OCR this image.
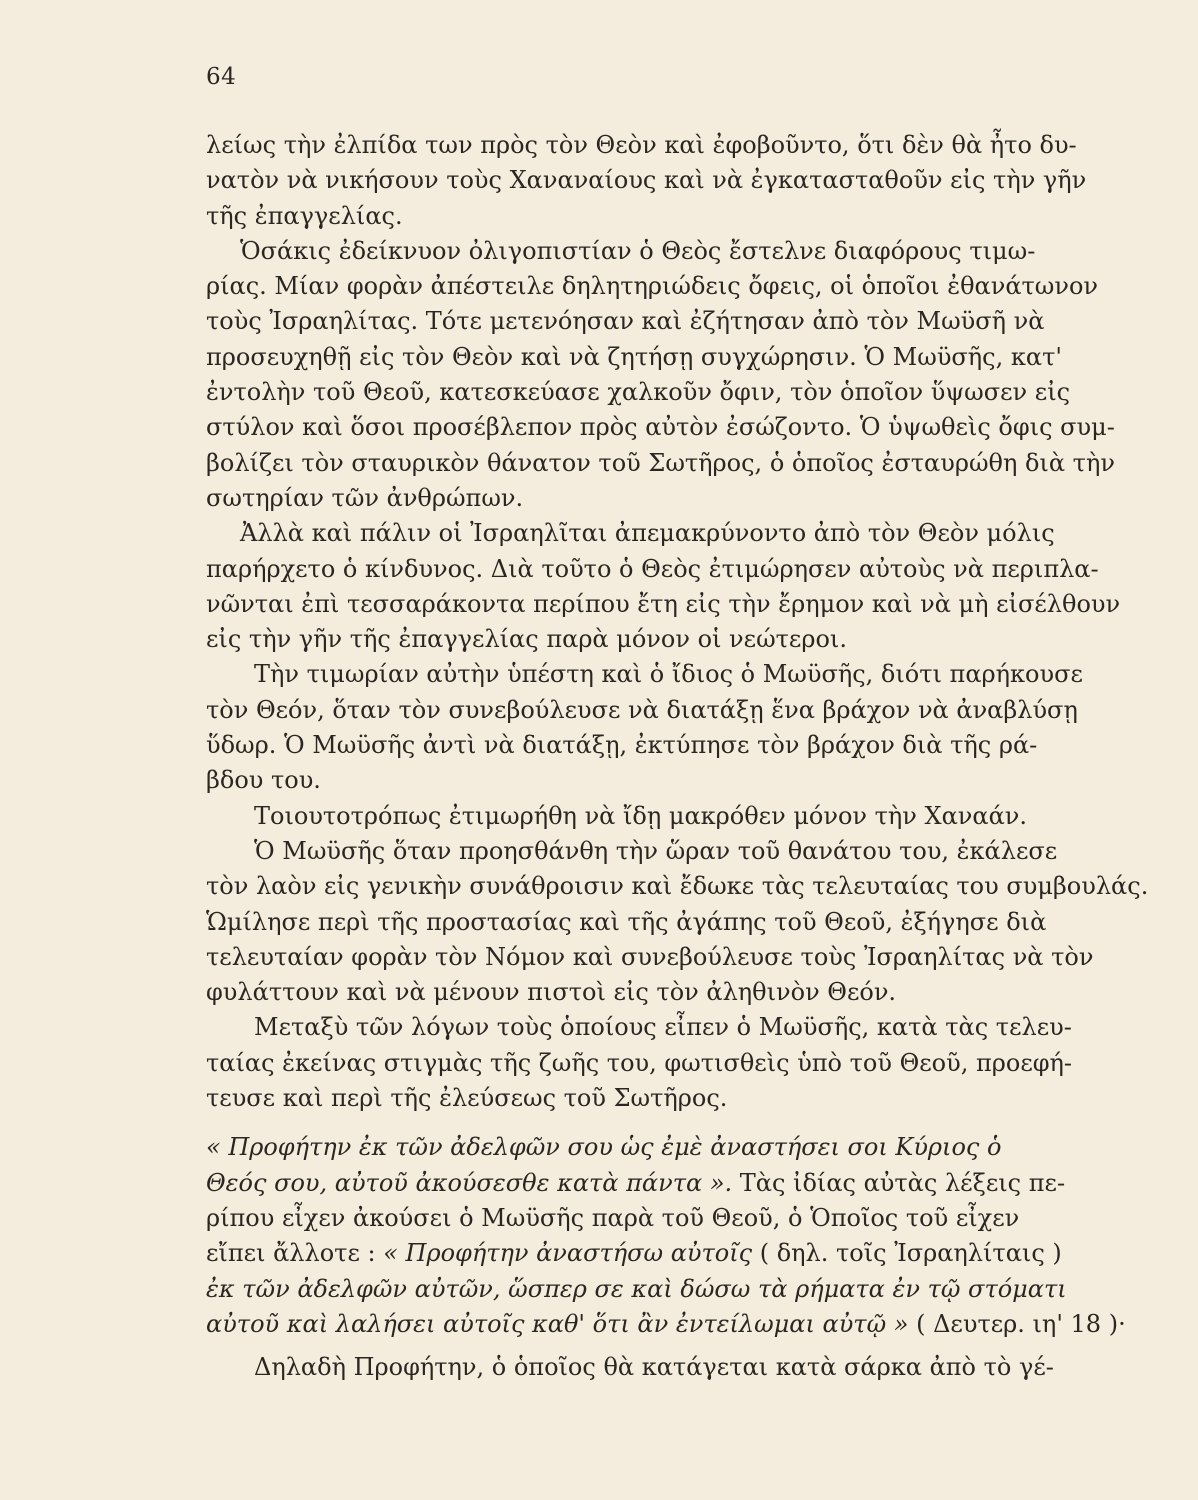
64
λείως τὴν ἐλπίδα των πρὸς τὸν Θεὸν καὶ ἐφοβοῦντο, ὅτι δὲν θὰ ἦτο δυ-
νατὸν νὰ νικήσουν τοὺς Χαναναίους καὶ νὰ ἐγκατασταθοῦν εἰς τὴν γῆν
τῆς ἐπαγγελίας.
Ὁσάκις ἐδείκνυον ὀλιγοπιστίαν ὁ Θεὸς ἔστελνε διαφόρους τιμω-
ρίας. Μίαν φορὰν ἀπέστειλε δηλητηριώδεις ὄφεις, οἱ ὁποῖοι ἐθανάτωνον
τοὺς Ἰσραηλίτας. Τότε μετενόησαν καὶ ἐζήτησαν ἀπὸ τὸν Μωϋσῆ νὰ
προσευχηθῇ εἰς τὸν Θεὸν καὶ νὰ ζητήσῃ συγχώρησιν. Ὁ Μωϋσῆς, κατ'
ἐντολὴν τοῦ Θεοῦ, κατεσκεύασε χαλκοῦν ὄφιν, τὸν ὁποῖον ὕψωσεν εἰς
στύλον καὶ ὅσοι προσέβλεπον πρὸς αὐτὸν ἐσώζοντο. Ὁ ὑψωθεὶς ὄφις συμ-
βολίζει τὸν σταυρικὸν θάνατον τοῦ Σωτῆρος, ὁ ὁποῖος ἐσταυρώθη διὰ τὴν
σωτηρίαν τῶν ἀνθρώπων.
Ἀλλὰ καὶ πάλιν οἱ Ἰσραηλῖται ἀπεμακρύνοντο ἀπὸ τὸν Θεὸν μόλις
παρήρχετο ὁ κίνδυνος. Διὰ τοῦτο ὁ Θεὸς ἐτιμώρησεν αὐτοὺς νὰ περιπλα-
νῶνται ἐπὶ τεσσαράκοντα περίπου ἔτη εἰς τὴν ἔρημον καὶ νὰ μὴ εἰσέλθουν
εἰς τὴν γῆν τῆς ἐπαγγελίας παρὰ μόνον οἱ νεώτεροι.
Τὴν τιμωρίαν αὐτὴν ὑπέστη καὶ ὁ ἴδιος ὁ Μωϋσῆς, διότι παρήκουσε
τὸν Θεόν, ὅταν τὸν συνεβούλευσε νὰ διατάξῃ ἕνα βράχον νὰ ἀναβλύσῃ
ὕδωρ. Ὁ Μωϋσῆς ἀντὶ νὰ διατάξῃ, ἐκτύπησε τὸν βράχον διὰ τῆς ρά-
βδου του.
Τοιουτοτρόπως ἐτιμωρήθη νὰ ἴδῃ μακρόθεν μόνον τὴν Χαναάν.
Ὁ Μωϋσῆς ὅταν προησθάνθη τὴν ὥραν τοῦ θανάτου του, ἐκάλεσε
τὸν λαὸν εἰς γενικὴν συνάθροισιν καὶ ἔδωκε τὰς τελευταίας του συμβουλάς.
Ὡμίλησε περὶ τῆς προστασίας καὶ τῆς ἀγάπης τοῦ Θεοῦ, ἐξήγησε διὰ
τελευταίαν φορὰν τὸν Νόμον καὶ συνεβούλευσε τοὺς Ἰσραηλίτας νὰ τὸν
φυλάττουν καὶ νὰ μένουν πιστοὶ εἰς τὸν ἀληθινὸν Θεόν.
Μεταξὺ τῶν λόγων τοὺς ὁποίους εἶπεν ὁ Μωϋσῆς, κατὰ τὰς τελευ-
ταίας ἐκείνας στιγμὰς τῆς ζωῆς του, φωτισθεὶς ὑπὸ τοῦ Θεοῦ, προεφή-
τευσε καὶ περὶ τῆς ἐλεύσεως τοῦ Σωτῆρος.
« Προφήτην ἐκ τῶν ἀδελφῶν σου ὡς ἐμὲ ἀναστήσει σοι Κύριος ὁ
Θεός σου, αὐτοῦ ἀκούσεσθε κατὰ πάντα ». Τὰς ἰδίας αὐτὰς λέξεις πε-
ρίπου εἶχεν ἀκούσει ὁ Μωϋσῆς παρὰ τοῦ Θεοῦ, ὁ Ὁποῖος τοῦ εἶχεν
εἴπει ἄλλοτε : « Προφήτην ἀναστήσω αὐτοῖς ( δηλ. τοῖς Ἰσραηλίταις )
ἐκ τῶν ἀδελφῶν αὐτῶν, ὥσπερ σε καὶ δώσω τὰ ρήματα ἐν τῷ στόματι
αὐτοῦ καὶ λαλήσει αὐτοῖς καθ' ὅτι ἂν ἐντείλωμαι αὐτῷ » ( Δευτερ. ιη' 18 )·
Δηλαδὴ Προφήτην, ὁ ὁποῖος θὰ κατάγεται κατὰ σάρκα ἀπὸ τὸ γέ-
